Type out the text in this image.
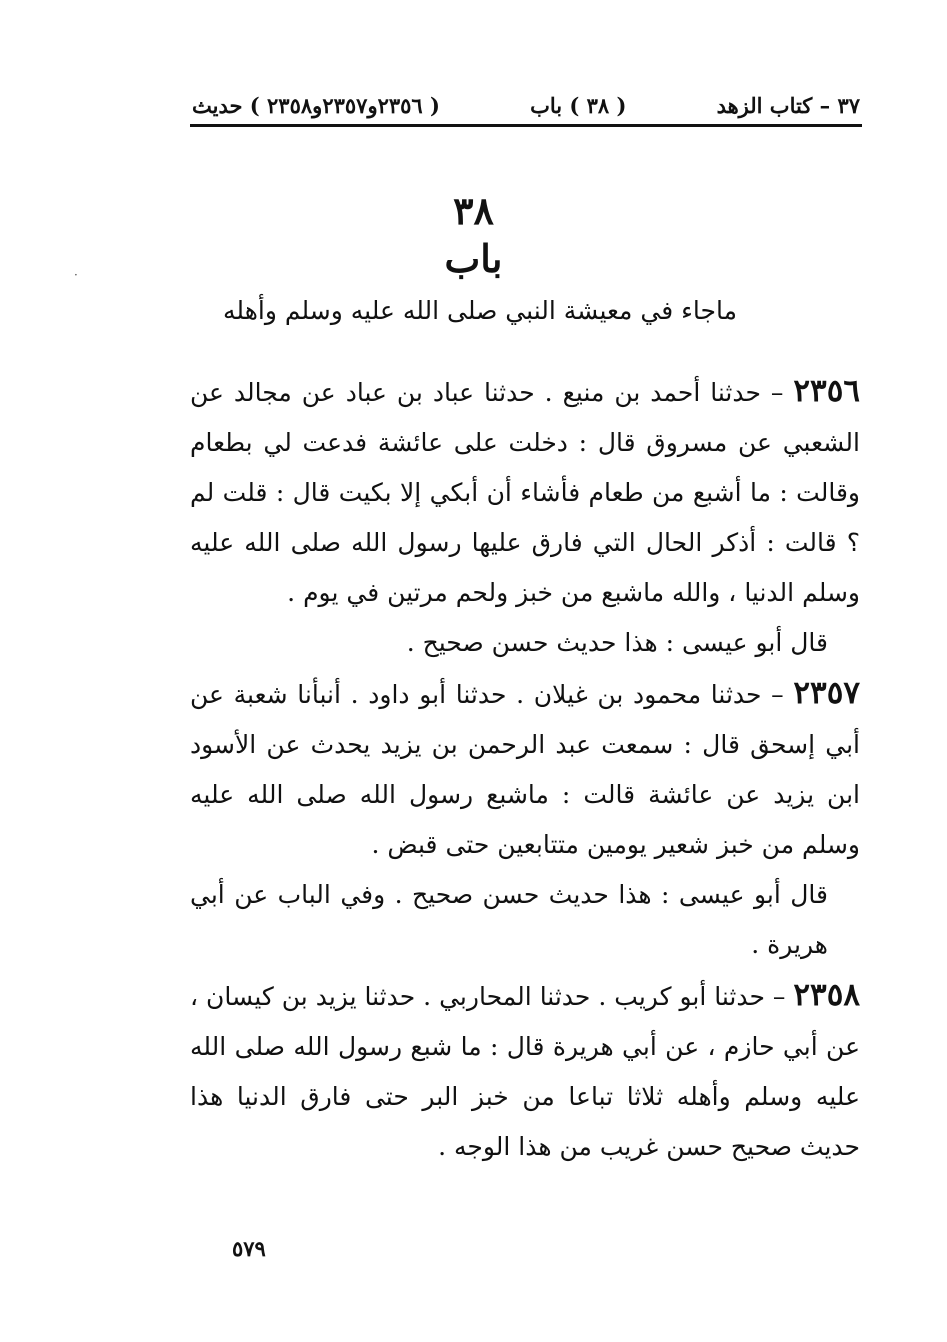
٣٧ – كتاب الزهد
( ٣٨ ) باب
( ٢٣٥٦و٢٣٥٧و٢٣٥٨ ) حديث
·
٣٨
باب
ماجاء في معيشة النبي صلى الله عليه وسلم وأهله

٢٣٥٦ – حدثنا أحمد بن منيع . حدثنا عباد بن عباد عن مجالد عن الشعبي عن مسروق قال : دخلت على عائشة فدعت لي بطعام وقالت : ما أشبع من طعام فأشاء أن أبكي إلا بكيت قال : قلت لم ؟ قالت : أذكر الحال التي فارق عليها رسول الله صلى الله عليه وسلم الدنيا ، والله ماشبع من خبز ولحم مرتين في يوم .

قال أبو عيسى : هذا حديث حسن صحيح .

٢٣٥٧ – حدثنا محمود بن غيلان . حدثنا أبو داود . أنبأنا شعبة عن أبي إسحق قال : سمعت عبد الرحمن بن يزيد يحدث عن الأسود ابن يزيد عن عائشة قالت : ماشبع رسول الله صلى الله عليه وسلم من خبز شعير يومين متتابعين حتى قبض .

قال أبو عيسى : هذا حديث حسن صحيح . وفي الباب عن أبي هريرة .

٢٣٥٨ – حدثنا أبو كريب . حدثنا المحاربي . حدثنا يزيد بن كيسان ، عن أبي حازم ، عن أبي هريرة قال : ما شبع رسول الله صلى الله عليه وسلم وأهله ثلاثا تباعا من خبز البر حتى فارق الدنيا هذا حديث صحيح حسن غريب من هذا الوجه .

٥٧٩
